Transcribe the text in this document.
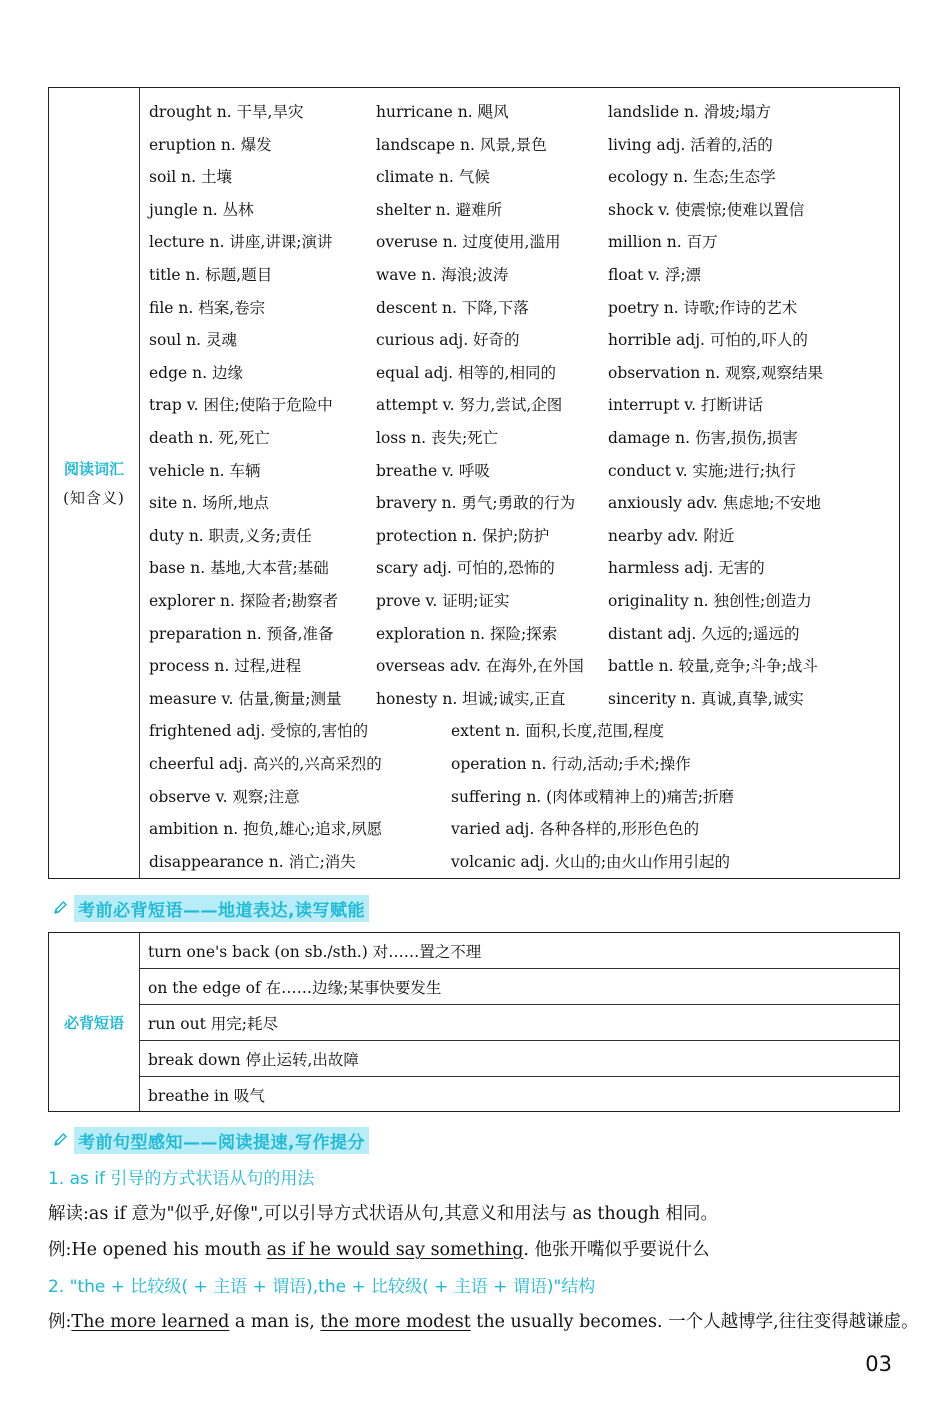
阅读词汇
(知含义)
drought n. 干旱,旱灾	hurricane n. 飓风	landslide n. 滑坡;塌方
eruption n. 爆发	landscape n. 风景,景色	living adj. 活着的,活的
soil n. 土壤	climate n. 气候	ecology n. 生态;生态学
jungle n. 丛林	shelter n. 避难所	shock v. 使震惊;使难以置信
lecture n. 讲座,讲课;演讲	overuse n. 过度使用,滥用	million n. 百万
title n. 标题,题目	wave n. 海浪;波涛	float v. 浮;漂
file n. 档案,卷宗	descent n. 下降,下落	poetry n. 诗歌;作诗的艺术
soul n. 灵魂	curious adj. 好奇的	horrible adj. 可怕的,吓人的
edge n. 边缘	equal adj. 相等的,相同的	observation n. 观察,观察结果
trap v. 困住;使陷于危险中	attempt v. 努力,尝试,企图	interrupt v. 打断讲话
death n. 死,死亡	loss n. 丧失;死亡	damage n. 伤害,损伤,损害
vehicle n. 车辆	breathe v. 呼吸	conduct v. 实施;进行;执行
site n. 场所,地点	bravery n. 勇气;勇敢的行为 anxiously adv. 焦虑地;不安地
duty n. 职责,义务;责任	protection n. 保护;防护	nearby adv. 附近
base n. 基地,大本营;基础	scary adj. 可怕的,恐怖的	harmless adj. 无害的
explorer n. 探险者;勘察者 prove v. 证明;证实	originality n. 独创性;创造力
preparation n. 预备,准备	exploration n. 探险;探索	distant adj. 久远的;遥远的
process n. 过程,进程	overseas adv. 在海外,在外国 battle n. 较量,竞争;斗争;战斗
measure v. 估量,衡量;测量 honesty n. 坦诚;诚实,正直	sincerity n. 真诚,真挚,诚实
frightened adj. 受惊的,害怕的	extent n. 面积,长度,范围,程度
cheerful adj. 高兴的,兴高采烈的	operation n. 行动,活动;手术;操作
observe v. 观察;注意	suffering n. (肉体或精神上的)痛苦;折磨
ambition n. 抱负,雄心;追求,夙愿	varied adj. 各种各样的,形形色色的
disappearance n. 消亡;消失	volcanic adj. 火山的;由火山作用引起的
考前必背短语——地道表达,读写赋能
必背短语
turn one's back (on sb./sth.) 对……置之不理
on the edge of 在……边缘;某事快要发生
run out 用完;耗尽
break down 停止运转,出故障
breathe in 吸气
考前句型感知——阅读提速,写作提分
1. as if 引导的方式状语从句的用法
解读:as if 意为"似乎,好像",可以引导方式状语从句,其意义和用法与 as though 相同。
例:He opened his mouth as if he would say something. 他张开嘴似乎要说什么
2. "the + 比较级( + 主语 + 谓语),the + 比较级( + 主语 + 谓语)"结构
例:The more learned a man is, the more modest the usually becomes. 一个人越博学,往往变得越谦虚。
03
